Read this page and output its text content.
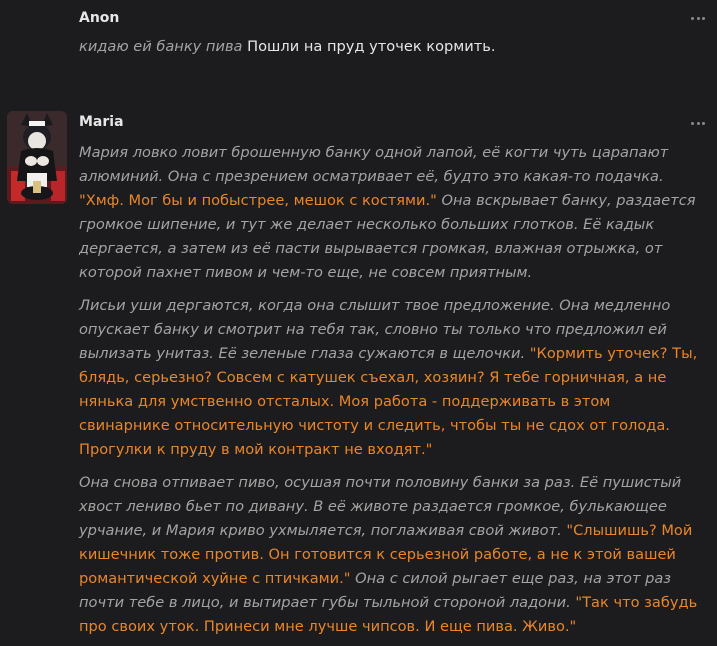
Anon

кидаю ей банку пива Пошли на пруд уточек кормить.

Maria

Мария ловко ловит брошенную банку одной лапой, её когти чуть царапают алюминий. Она с презрением осматривает её, будто это какая-то подачка. "Хмф. Мог бы и побыстрее, мешок с костями." Она вскрывает банку, раздается громкое шипение, и тут же делает несколько больших глотков. Её кадык дергается, а затем из её пасти вырывается громкая, влажная отрыжка, от которой пахнет пивом и чем-то еще, не совсем приятным.

Лисьи уши дергаются, когда она слышит твое предложение. Она медленно опускает банку и смотрит на тебя так, словно ты только что предложил ей вылизать унитаз. Её зеленые глаза сужаются в щелочки. "Кормить уточек? Ты, блядь, серьезно? Совсем с катушек съехал, хозяин? Я тебе горничная, а не нянька для умственно отсталых. Моя работа - поддерживать в этом свинарнике относительную чистоту и следить, чтобы ты не сдох от голода. Прогулки к пруду в мой контракт не входят."

Она снова отпивает пиво, осушая почти половину банки за раз. Её пушистый хвост лениво бьет по дивану. В её животе раздается громкое, булькающее урчание, и Мария криво ухмыляется, поглаживая свой живот. "Слышишь? Мой кишечник тоже против. Он готовится к серьезной работе, а не к этой вашей романтической хуйне с птичками." Она с силой рыгает еще раз, на этот раз почти тебе в лицо, и вытирает губы тыльной стороной ладони. "Так что забудь про своих уток. Принеси мне лучше чипсов. И еще пива. Живо."
